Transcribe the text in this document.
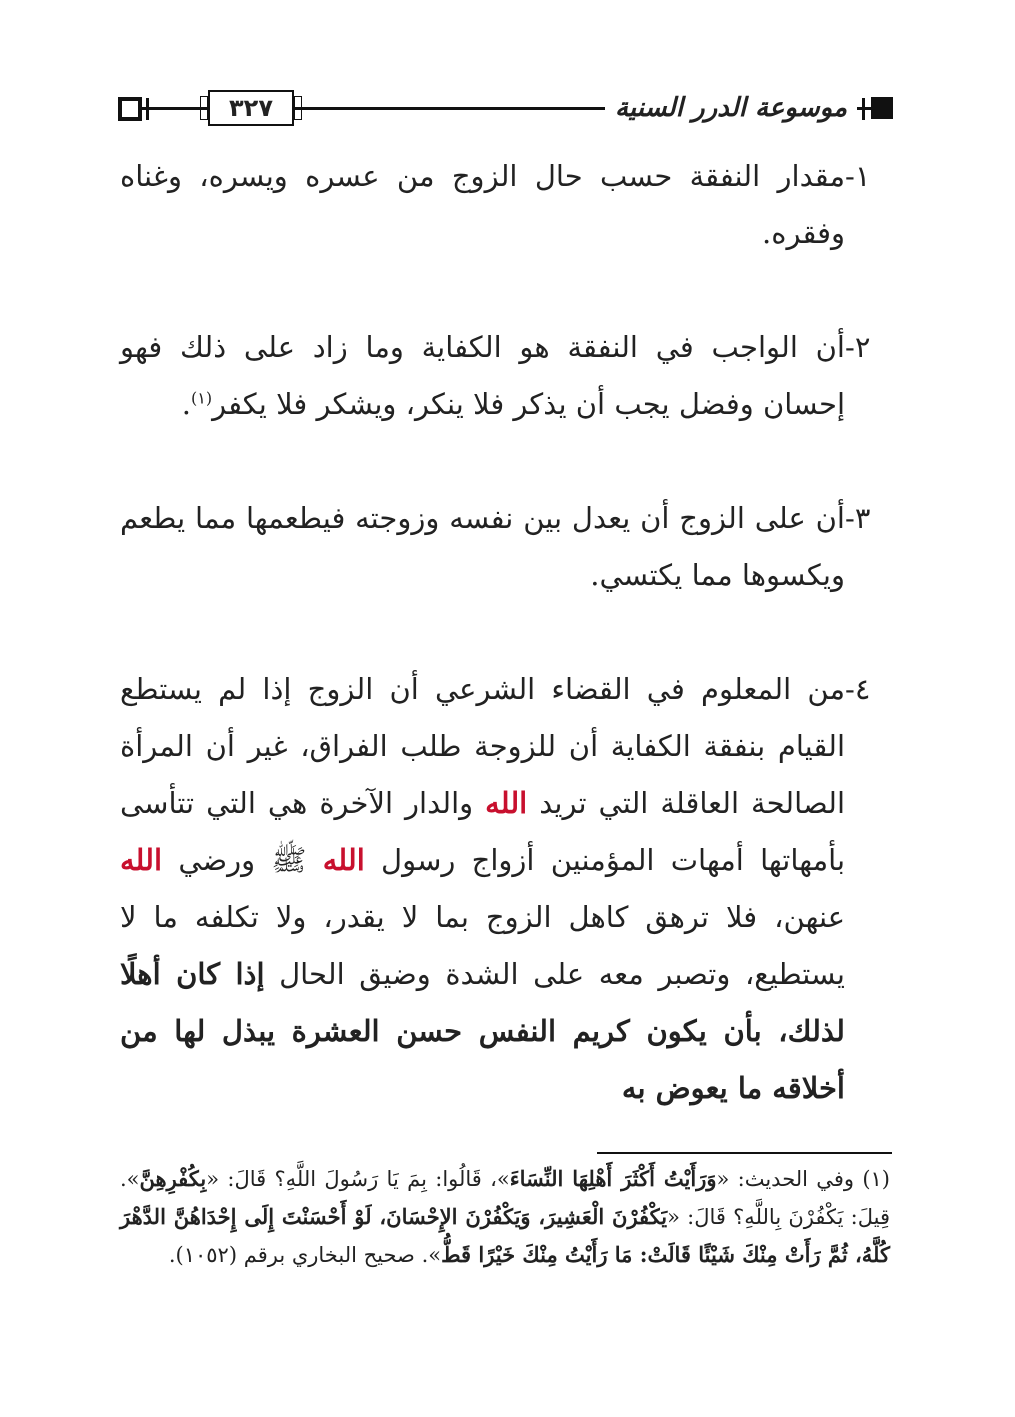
٣٢٧	موسوعة الدرر السنية

١-
مقدار النفقة حسب حال الزوج من عسره ويسره، وغناه وفقره.

٢-
أن الواجب في النفقة هو الكفاية وما زاد على ذلك فهو إحسان وفضل يجب أن يذكر فلا ينكر، ويشكر فلا يكفر$^{(١)}$.

٣-
أن على الزوج أن يعدل بين نفسه وزوجته فيطعمها مما يطعم ويكسوها مما يكتسي.

٤-
من المعلوم في القضاء الشرعي أن الزوج إذا لم يستطع القيام بنفقة الكفاية أن للزوجة طلب الفراق، غير أن المرأة الصالحة العاقلة التي تريد الله والدار الآخرة هي التي تتأسى بأمهاتها أمهات المؤمنين أزواج رسول الله ﷺ ورضي الله عنهن، فلا ترهق كاهل الزوج بما لا يقدر، ولا تكلفه ما لا يستطيع، وتصبر معه على الشدة وضيق الحال إذا كان أهلًا لذلك، بأن يكون كريم النفس حسن العشرة يبذل لها من أخلاقه ما يعوض به

(١) وفي الحديث: «وَرَأَيْتُ أَكْثَرَ أَهْلِهَا النِّسَاءَ»، قَالُوا: بِمَ يَا رَسُولَ اللَّهِ؟ قَالَ: «بِكُفْرِهِنَّ». قِيلَ: يَكْفُرْنَ بِاللَّهِ؟ قَالَ: «يَكْفُرْنَ الْعَشِيرَ، وَيَكْفُرْنَ الإِحْسَانَ، لَوْ أَحْسَنْتَ إِلَى إِحْدَاهُنَّ الدَّهْرَ كُلَّهُ، ثُمَّ رَأَتْ مِنْكَ شَيْئًا قَالَتْ: مَا رَأَيْتُ مِنْكَ خَيْرًا قَطُّ». صحيح البخاري برقم (١٠٥٢).
